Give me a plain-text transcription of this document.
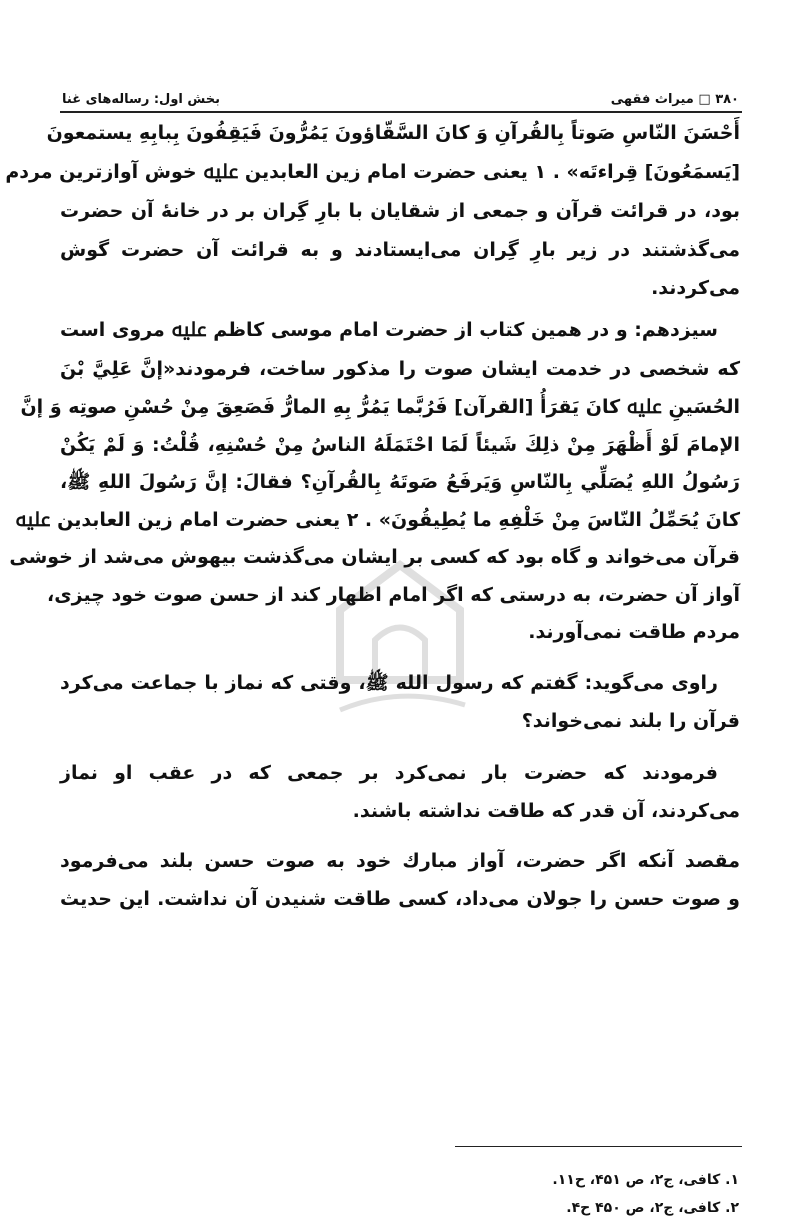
۳۸۰ □ میراث فقهی
بخش اول: رساله‌های غنا
أَحْسَنَ النّاسِ صَوتاً بِالقُرآنِ وَ کانَ السَّقّاؤونَ یَمُرُّونَ فَیَقِفُونَ بِبابِهِ یستمعونَ
[یَسمَعُونَ] قِراءتَه» . ۱ یعنی حضرت امام زین العابدین ﷷ خوش آوازترین مردم
بود، در قرائت قرآن و جمعی از شقایان با بارِ گِران بر در خانهٔ آن حضرت
می‌گذشتند در زیر بارِ گِران می‌ایستادند و به قرائت آن حضرت گوش
می‌کردند.
سیزدهم: و در همین کتاب از حضرت امام موسی کاظم ﷷ مروی است
که شخصی در خدمت ایشان صوت را مذکور ساخت، فرمودند«إنَّ عَلِيَّ بْنَ
الحُسَینِ ﷷ کانَ یَقرَأُ [القرآن] فَرُبَّما یَمُرُّ بِهِ المارُّ فَصَعِقَ مِنْ حُسْنِ صوتِه وَ إنَّ
الإمامَ لَوْ أَظْهَرَ مِنْ ذلِكَ شَیئاً لَمَا احْتَمَلَهُ الناسُ مِنْ حُسْنِهِ، قُلْتُ: وَ لَمْ یَکُنْ
رَسُولُ اللهِ یُصَلِّي بِالنّاسِ وَیَرفَعُ صَوتَهُ بِالقُرآنِ؟ فقالَ: إنَّ رَسُولَ اللهِ ﷺ،
کانَ یُحَمِّلُ النّاسَ مِنْ خَلْفِهِ ما یُطِیقُونَ» . ۲ یعنی حضرت امام زین العابدین ﷷ
قرآن می‌خواند و گاه بود که کسی بر ایشان می‌گذشت بیهوش می‌شد از خوشی
آواز آن حضرت، به درستی که اگر امام اظهار کند از حسن صوت خود چیزی،
مردم طاقت نمی‌آورند.
راوی می‌گوید: گفتم که رسول الله ﷺ، وقتی که نماز با جماعت می‌کرد
قرآن را بلند نمی‌خواند؟
فرمودند که حضرت بار نمی‌کرد بر جمعی که در عقب او نماز
می‌کردند، آن قدر که طاقت نداشته باشند.
مقصد آنکه اگر حضرت، آواز مبارك خود به صوت حسن بلند می‌فرمود
و صوت حسن را جولان می‌داد، کسی طاقت شنیدن آن نداشت. این حدیث
۱. کافی، ج۲، ص ۴۵۱، ح۱۱.
۲. کافی، ج۲، ص ۴۵۰ ح۴.
